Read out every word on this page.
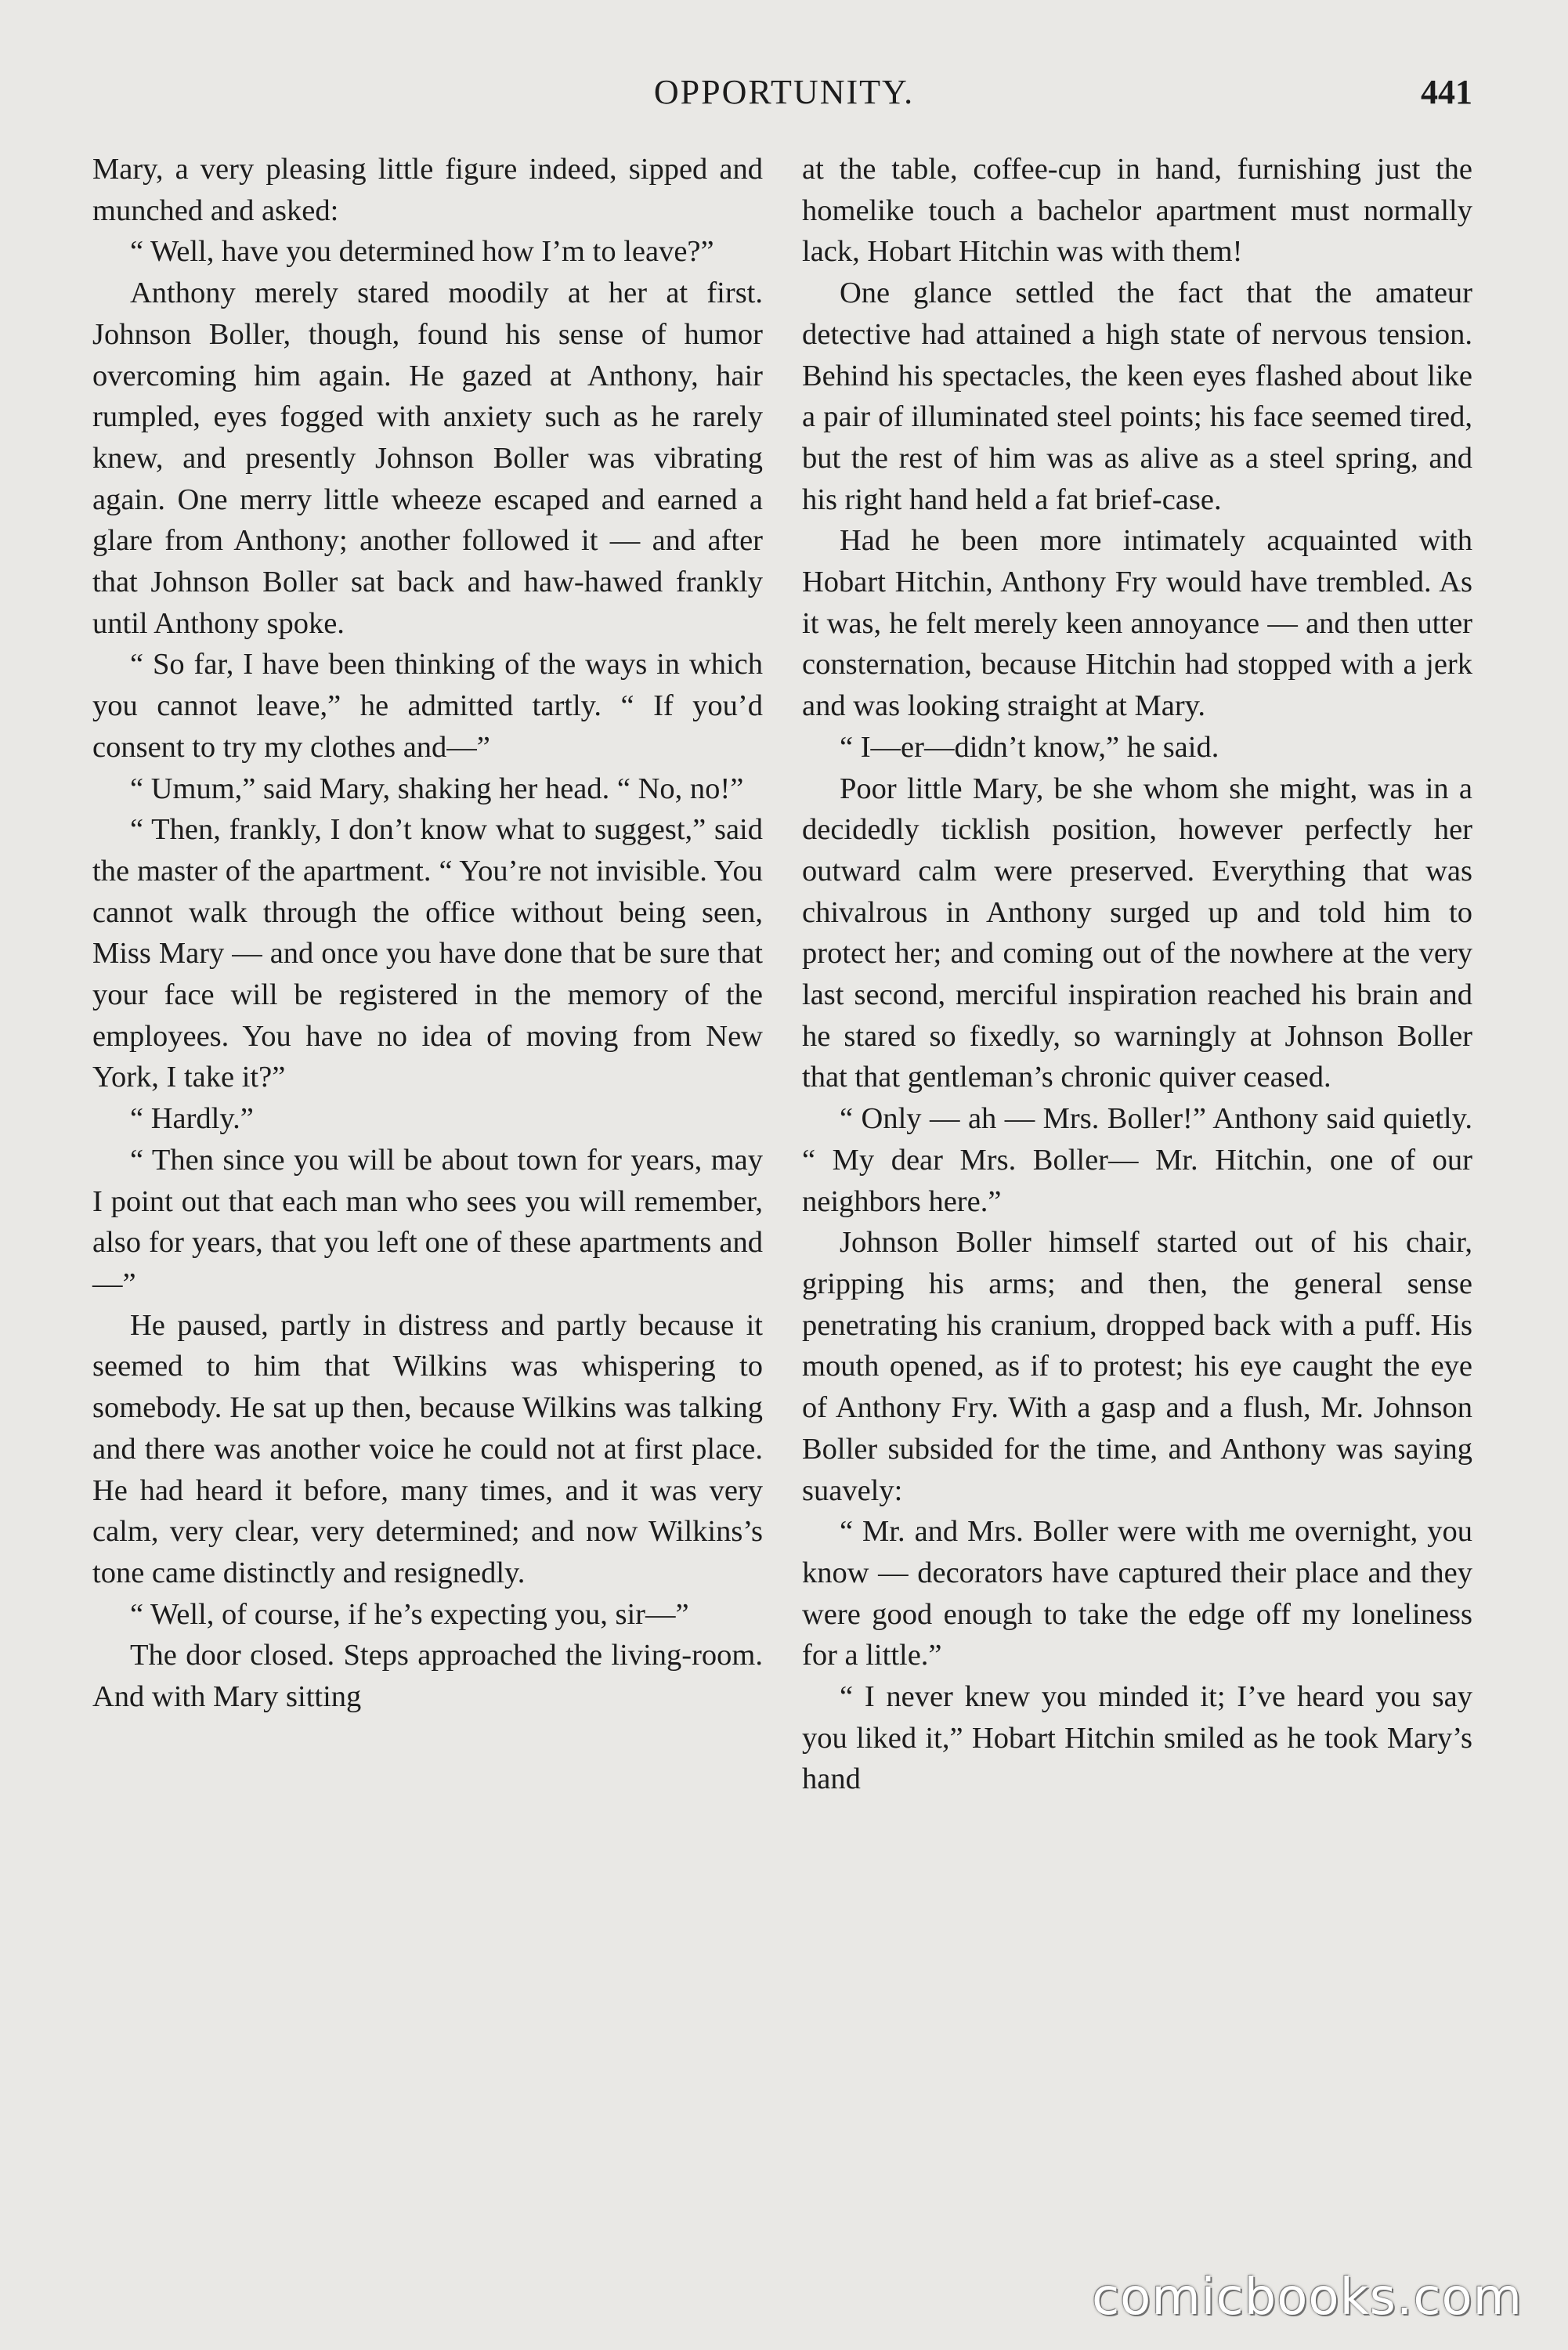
OPPORTUNITY.	441

Mary, a very pleasing little figure indeed, sipped and munched and asked:

“ Well, have you determined how I’m to leave?”

Anthony merely stared moodily at her at first. Johnson Boller, though, found his sense of humor overcoming him again. He gazed at Anthony, hair rumpled, eyes fogged with anxiety such as he rarely knew, and presently Johnson Boller was vibrating again. One merry little wheeze escaped and earned a glare from Anthony; another followed it — and after that Johnson Boller sat back and haw-hawed frankly until Anthony spoke.

“ So far, I have been thinking of the ways in which you cannot leave,” he admitted tartly. “ If you’d consent to try my clothes and—”

“ Umum,” said Mary, shaking her head. “ No, no!”

“ Then, frankly, I don’t know what to suggest,” said the master of the apartment. “ You’re not invisible. You cannot walk through the office without being seen, Miss Mary — and once you have done that be sure that your face will be registered in the memory of the employees. You have no idea of moving from New York, I take it?”

“ Hardly.”

“ Then since you will be about town for years, may I point out that each man who sees you will remember, also for years, that you left one of these apartments and—”

He paused, partly in distress and partly because it seemed to him that Wilkins was whispering to somebody. He sat up then, because Wilkins was talking and there was another voice he could not at first place. He had heard it before, many times, and it was very calm, very clear, very determined; and now Wilkins’s tone came distinctly and resignedly.

“ Well, of course, if he’s expecting you, sir—”

The door closed. Steps approached the living-room. And with Mary sitting

at the table, coffee-cup in hand, furnishing just the homelike touch a bachelor apartment must normally lack, Hobart Hitchin was with them!

One glance settled the fact that the amateur detective had attained a high state of nervous tension. Behind his spectacles, the keen eyes flashed about like a pair of illuminated steel points; his face seemed tired, but the rest of him was as alive as a steel spring, and his right hand held a fat brief-case.

Had he been more intimately acquainted with Hobart Hitchin, Anthony Fry would have trembled. As it was, he felt merely keen annoyance — and then utter consternation, because Hitchin had stopped with a jerk and was looking straight at Mary.

“ I—er—didn’t know,” he said.

Poor little Mary, be she whom she might, was in a decidedly ticklish position, however perfectly her outward calm were preserved. Everything that was chivalrous in Anthony surged up and told him to protect her; and coming out of the nowhere at the very last second, merciful inspiration reached his brain and he stared so fixedly, so warningly at Johnson Boller that that gentleman’s chronic quiver ceased.

“ Only — ah — Mrs. Boller!” Anthony said quietly. “ My dear Mrs. Boller— Mr. Hitchin, one of our neighbors here.”

Johnson Boller himself started out of his chair, gripping his arms; and then, the general sense penetrating his cranium, dropped back with a puff. His mouth opened, as if to protest; his eye caught the eye of Anthony Fry. With a gasp and a flush, Mr. Johnson Boller subsided for the time, and Anthony was saying suavely:

“ Mr. and Mrs. Boller were with me overnight, you know — decorators have captured their place and they were good enough to take the edge off my loneliness for a little.”

“ I never knew you minded it; I’ve heard you say you liked it,” Hobart Hitchin smiled as he took Mary’s hand

comicbooks.com
